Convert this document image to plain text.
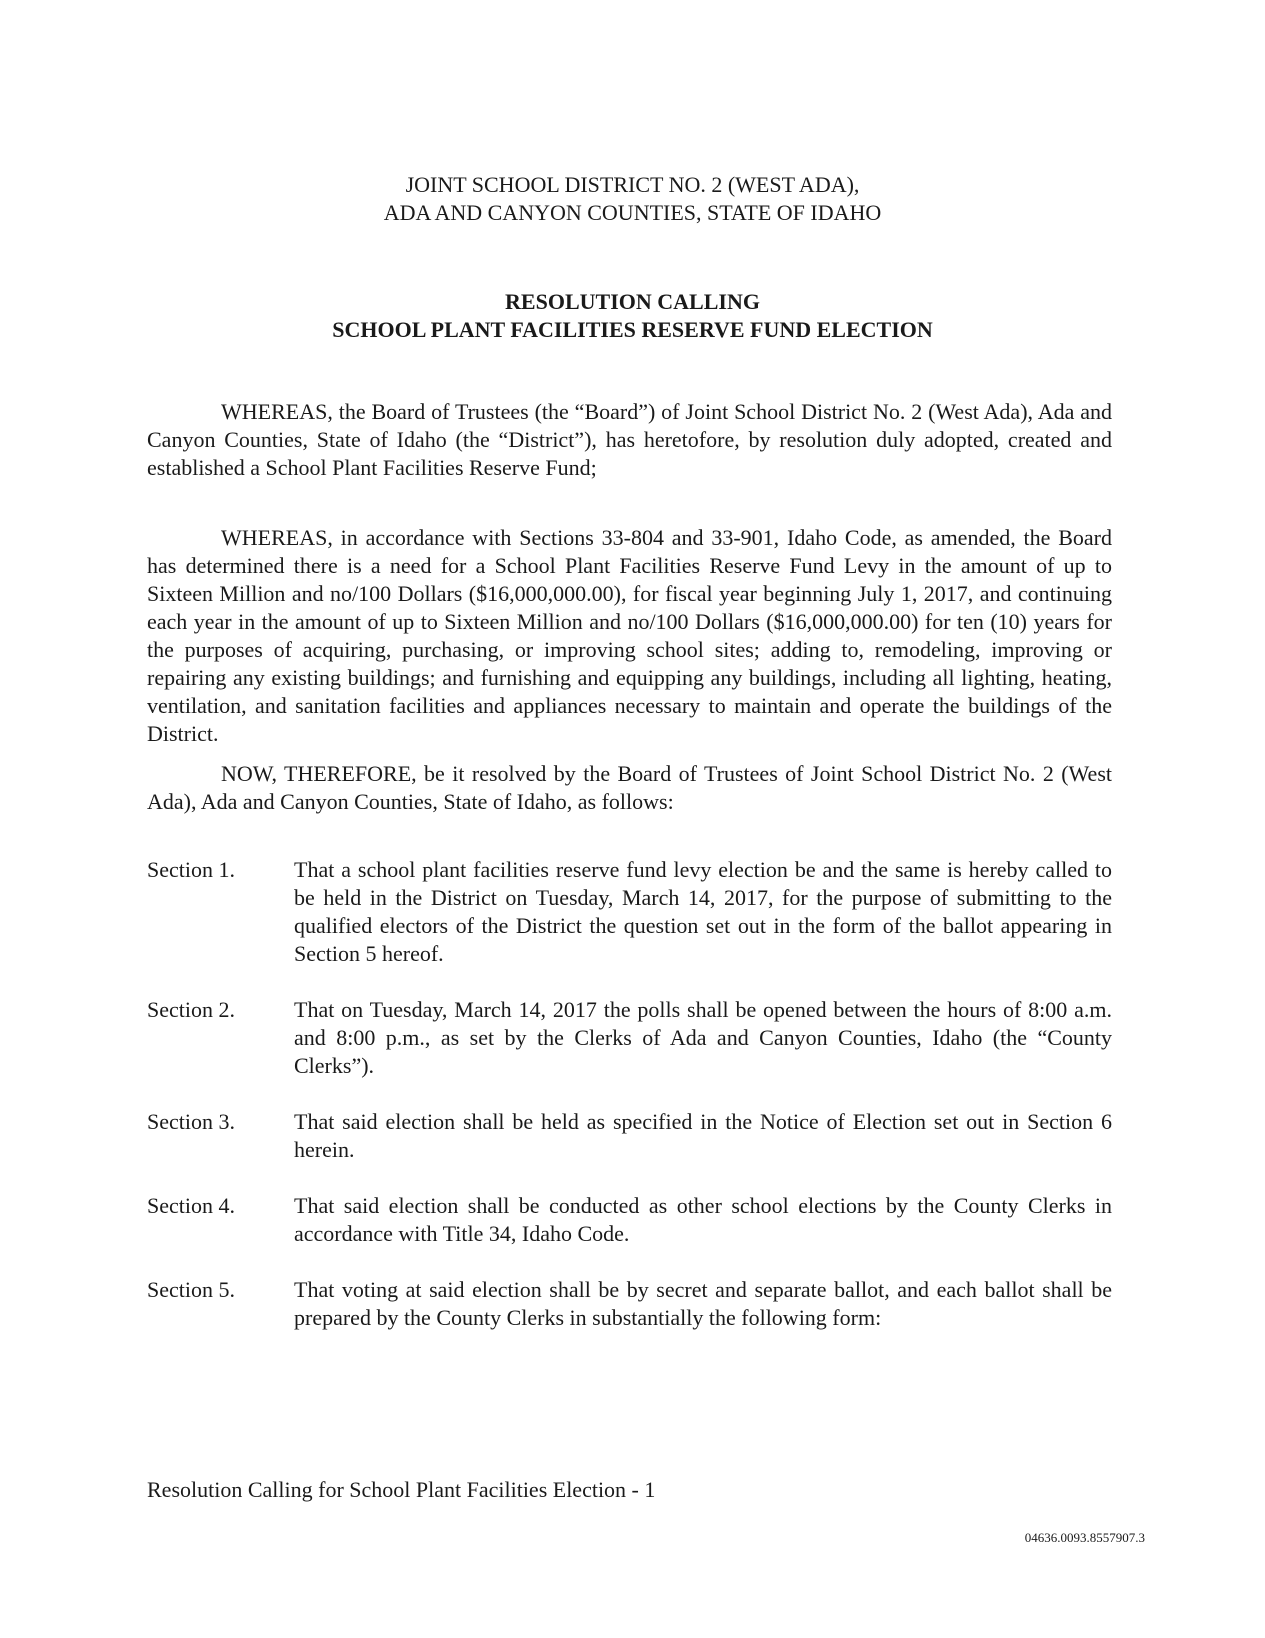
JOINT SCHOOL DISTRICT NO. 2 (WEST ADA),
ADA AND CANYON COUNTIES, STATE OF IDAHO
RESOLUTION CALLING
SCHOOL PLANT FACILITIES RESERVE FUND ELECTION

WHEREAS, the Board of Trustees (the “Board”) of Joint School District No. 2 (West Ada), Ada and Canyon Counties, State of Idaho (the “District”), has heretofore, by resolution duly adopted, created and established a School Plant Facilities Reserve Fund;

WHEREAS, in accordance with Sections 33-804 and 33-901, Idaho Code, as amended, the Board has determined there is a need for a School Plant Facilities Reserve Fund Levy in the amount of up to Sixteen Million and no/100 Dollars ($16,000,000.00), for fiscal year beginning July 1, 2017, and continuing each year in the amount of up to Sixteen Million and no/100 Dollars ($16,000,000.00) for ten (10) years for the purposes of acquiring, purchasing, or improving school sites; adding to, remodeling, improving or repairing any existing buildings; and furnishing and equipping any buildings, including all lighting, heating, ventilation, and sanitation facilities and appliances necessary to maintain and operate the buildings of the District.

NOW, THEREFORE, be it resolved by the Board of Trustees of Joint School District No. 2 (West Ada), Ada and Canyon Counties, State of Idaho, as follows:

Section 1.	That a school plant facilities reserve fund levy election be and the same is hereby called to be held in the District on Tuesday, March 14, 2017, for the purpose of submitting to the qualified electors of the District the question set out in the form of the ballot appearing in Section 5 hereof.
Section 2.	That on Tuesday, March 14, 2017 the polls shall be opened between the hours of 8:00 a.m. and 8:00 p.m., as set by the Clerks of Ada and Canyon Counties, Idaho (the “County Clerks”).
Section 3.	That said election shall be held as specified in the Notice of Election set out in Section 6 herein.
Section 4.	That said election shall be conducted as other school elections by the County Clerks in accordance with Title 34, Idaho Code.
Section 5.	That voting at said election shall be by secret and separate ballot, and each ballot shall be prepared by the County Clerks in substantially the following form:
Resolution Calling for School Plant Facilities Election - 1
04636.0093.8557907.3
